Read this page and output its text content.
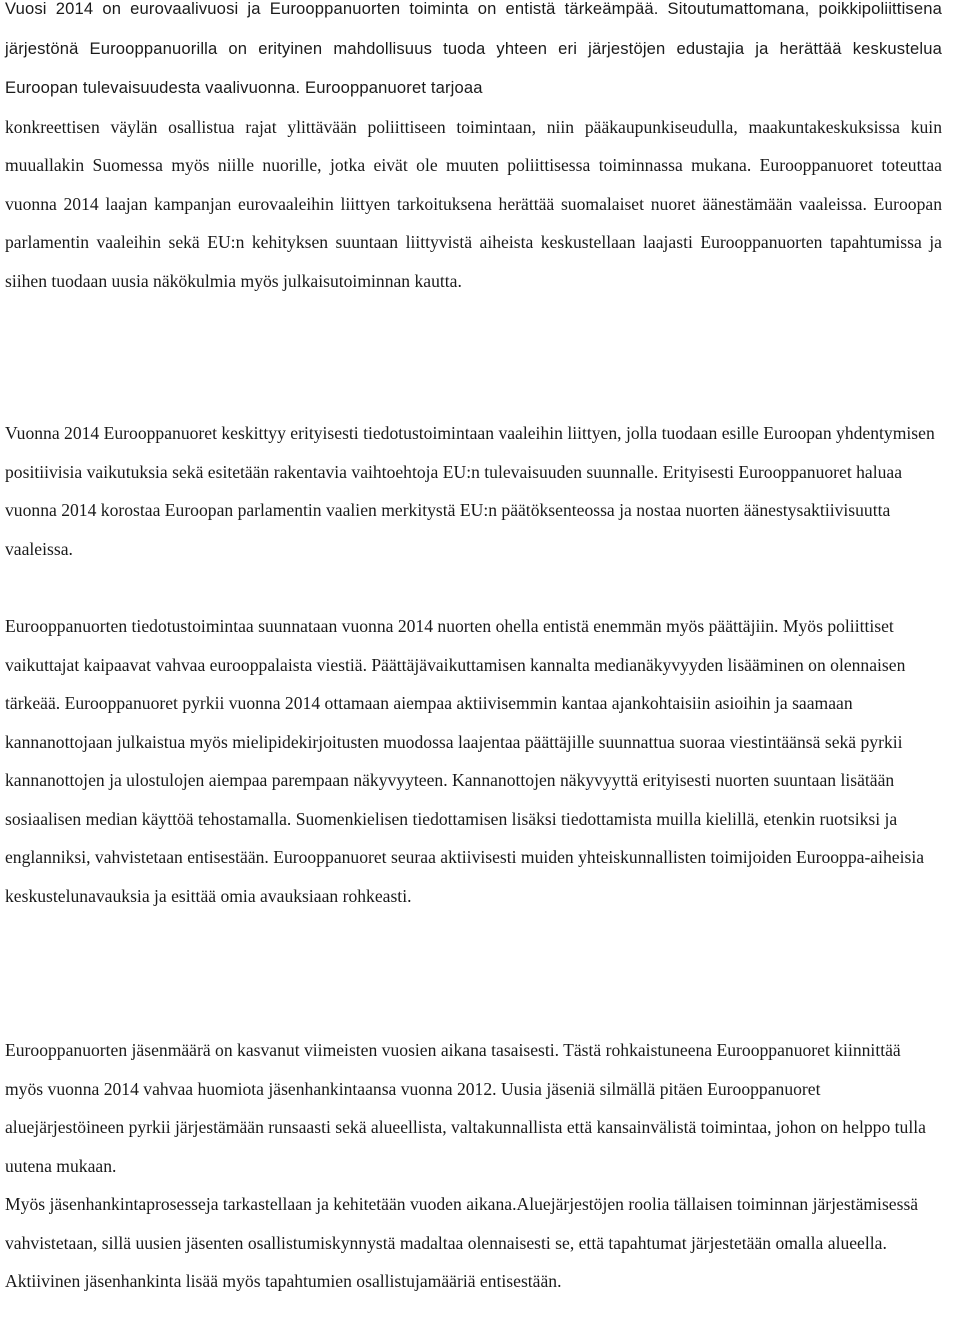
Vuosi 2014 on eurovaalivuosi ja Eurooppanuorten toiminta on entistä tärkeämpää. Sitoutumattomana, poikkipoliittisena järjestönä Eurooppanuorilla on erityinen mahdollisuus tuoda yhteen eri järjestöjen edustajia ja herättää keskustelua Euroopan tulevaisuudesta vaalivuonna. Eurooppanuoret tarjoaa
konkreettisen väylän osallistua rajat ylittävään poliittiseen toimintaan, niin pääkaupunkiseudulla, maakuntakeskuksissa kuin muuallakin Suomessa myös niille nuorille, jotka eivät ole muuten poliittisessa toiminnassa mukana. Eurooppanuoret toteuttaa vuonna 2014 laajan kampanjan eurovaaleihin liittyen tarkoituksena herättää suomalaiset nuoret äänestämään vaaleissa. Euroopan parlamentin vaaleihin sekä EU:n kehityksen suuntaan liittyvistä aiheista keskustellaan laajasti Eurooppanuorten tapahtumissa ja siihen tuodaan uusia näkökulmia myös julkaisutoiminnan kautta.

Vuonna 2014 Eurooppanuoret keskittyy erityisesti tiedotustoimintaan vaaleihin liittyen, jolla tuodaan esille Euroopan yhdentymisen positiivisia vaikutuksia sekä esitetään rakentavia vaihtoehtoja EU:n tulevaisuuden suunnalle. Erityisesti Eurooppanuoret haluaa vuonna 2014 korostaa Euroopan parlamentin vaalien merkitystä EU:n päätöksenteossa ja nostaa nuorten äänestysaktiivisuutta vaaleissa.

Eurooppanuorten tiedotustoimintaa suunnataan vuonna 2014 nuorten ohella entistä enemmän myös päättäjiin. Myös poliittiset vaikuttajat kaipaavat vahvaa eurooppalaista viestiä. Päättäjävaikuttamisen kannalta medianäkyvyyden lisääminen on olennaisen tärkeää. Eurooppanuoret pyrkii vuonna 2014 ottamaan aiempaa aktiivisemmin kantaa ajankohtaisiin asioihin ja saamaan kannanottojaan julkaistua myös mielipidekirjoitusten muodossa laajentaa päättäjille suunnattua suoraa viestintäänsä sekä pyrkii kannanottojen ja ulostulojen aiempaa parempaan näkyvyyteen. Kannanottojen näkyvyyttä erityisesti nuorten suuntaan lisätään sosiaalisen median käyttöä tehostamalla. Suomenkielisen tiedottamisen lisäksi tiedottamista muilla kielillä, etenkin ruotsiksi ja englanniksi, vahvistetaan entisestään. Eurooppanuoret seuraa aktiivisesti muiden yhteiskunnallisten toimijoiden Eurooppa-aiheisia keskustelunavauksia ja esittää omia avauksiaan rohkeasti.

Eurooppanuorten jäsenmäärä on kasvanut viimeisten vuosien aikana tasaisesti. Tästä rohkaistuneena Eurooppanuoret kiinnittää myös vuonna 2014 vahvaa huomiota jäsenhankintaansa vuonna 2012. Uusia jäseniä silmällä pitäen Eurooppanuoret aluejärjestöineen pyrkii järjestämään runsaasti sekä alueellista, valtakunnallista että kansainvälistä toimintaa, johon on helppo tulla uutena mukaan.

Myös jäsenhankintaprosesseja tarkastellaan ja kehitetään vuoden aikana.Aluejärjestöjen roolia tällaisen toiminnan järjestämisessä vahvistetaan, sillä uusien jäsenten osallistumiskynnystä madaltaa olennaisesti se, että tapahtumat järjestetään omalla alueella. Aktiivinen jäsenhankinta lisää myös tapahtumien osallistujamääriä entisestään.
